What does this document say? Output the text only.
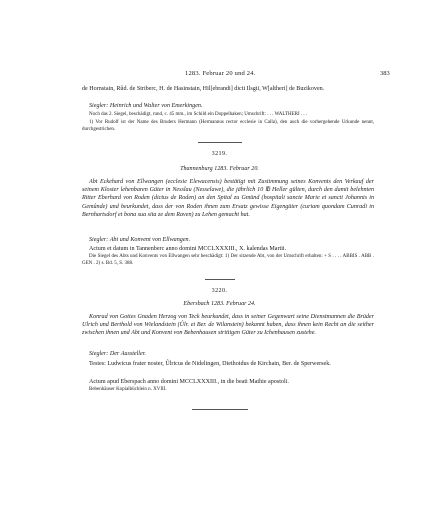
1283. Februar 20 und 24.	383
de Hornstain, Rûd. de Striberc, H. de Hasinstain, Hil[ebrandi] dicti Ilsgii, W[altheri] de Buzikoven.
Siegler: Heinrich und Walter von Emerkingen.
Noch das 2. Siegel, beschädigt, rund, c. 45 mm., im Schild ein Doppelhaken; Umschrift: . . . WALTHERI . . .
1) Vor Rudolf ist der Name des Bruders Hermann (Hermannus rector ecclesie in Calla), den auch die vorhergehende Urkunde nennt, durchgestrichen.
3219.
Thannenburg 1283. Februar 20.
Abt Eckehard von Ellwangen (ecclesie Elewacensis) bestätigt mit Zustimmung seines Konvents den Verkauf der seinem Kloster lehenbaren Güter in Nesslau (Nesselawe), die jährlich 10 ℔ Heller gülten, durch den damit belehnten Ritter Eberhard von Roden (dictus de Roden) an den Spital zu Gmünd (hospitali sancte Marie et sancti Johannis in Gemûnde) und beurkundet, dass der von Roden ihnen zum Ersatz gewisse Eigengüter (curiam quondam Cunradi in Bernhartsdorf et bona sua sita ze dem Raven) zu Lehen gemacht hat.
Siegler: Abt und Konvent von Ellwangen.
Actum et datum in Tannenberc anno domini MCCLXXXIII., X. kalendas Martii.
Die Siegel des Abts und Konvents von Ellwangen sehr beschädigt: 1) Der sitzende Abt, von der Umschrift erhalten: + S . . . . ABBIS . ABB . GEN . 2) s. Bd. 5, S. 388.
3220.
Ebersbach 1283. Februar 24.
Konrad von Gottes Gnaden Herzog von Teck beurkundet, dass in seiner Gegenwart seine Dienstmannen die Brüder Ulrich und Berthold von Wielandstein (Ûlr. et Ber. de Wilanstein) bekannt haben, dass ihnen kein Recht an die seither zwischen ihnen und Abt und Konvent von Bebenhausen strittigen Güter zu Ichenhausen zustehe.
Siegler: Der Aussteller.
Testes: Ludwicus frater noster, Ûlricus de Nidelingen, Diethoidus de Kirchain, Ber. de Sperwersek.
Actum apud Eberspach anno domini MCCLXXXIII., in die beati Mathie apostoli.
Bebenhäuser Kopialbüchlein n. XVIII.
